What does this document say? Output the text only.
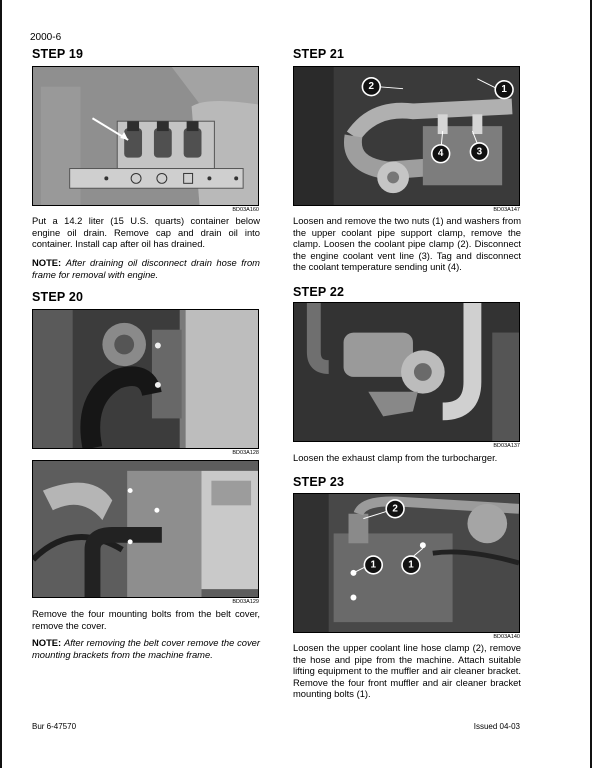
2000-6
STEP 19
BD03A160
Put a 14.2 liter (15 U.S. quarts) container below engine oil drain. Remove cap and drain oil into container. Install cap after oil has drained.
NOTE: After draining oil disconnect drain hose from frame for removal with engine.
STEP 20
BD03A128
BD03A129
Remove the four mounting bolts from the belt cover, remove the cover.
NOTE: After removing the belt cover remove the cover mounting brackets from the machine frame.
STEP 21
1
2
3
4
BD03A147
Loosen and remove the two nuts (1) and washers from the upper coolant pipe support clamp, remove the clamp. Loosen the coolant pipe clamp (2). Disconnect the engine coolant vent line (3). Tag and disconnect the coolant temperature sending unit (4).
STEP 22
BD03A137
Loosen the exhaust clamp from the turbocharger.
STEP 23
1	1
2
BD03A140
Loosen the upper coolant line hose clamp (2), remove the hose and pipe from the machine. Attach suitable lifting equipment to the muffler and air cleaner bracket. Remove the four front muffler and air cleaner bracket mounting bolts (1).
Bur 6-47570	Issued 04-03
